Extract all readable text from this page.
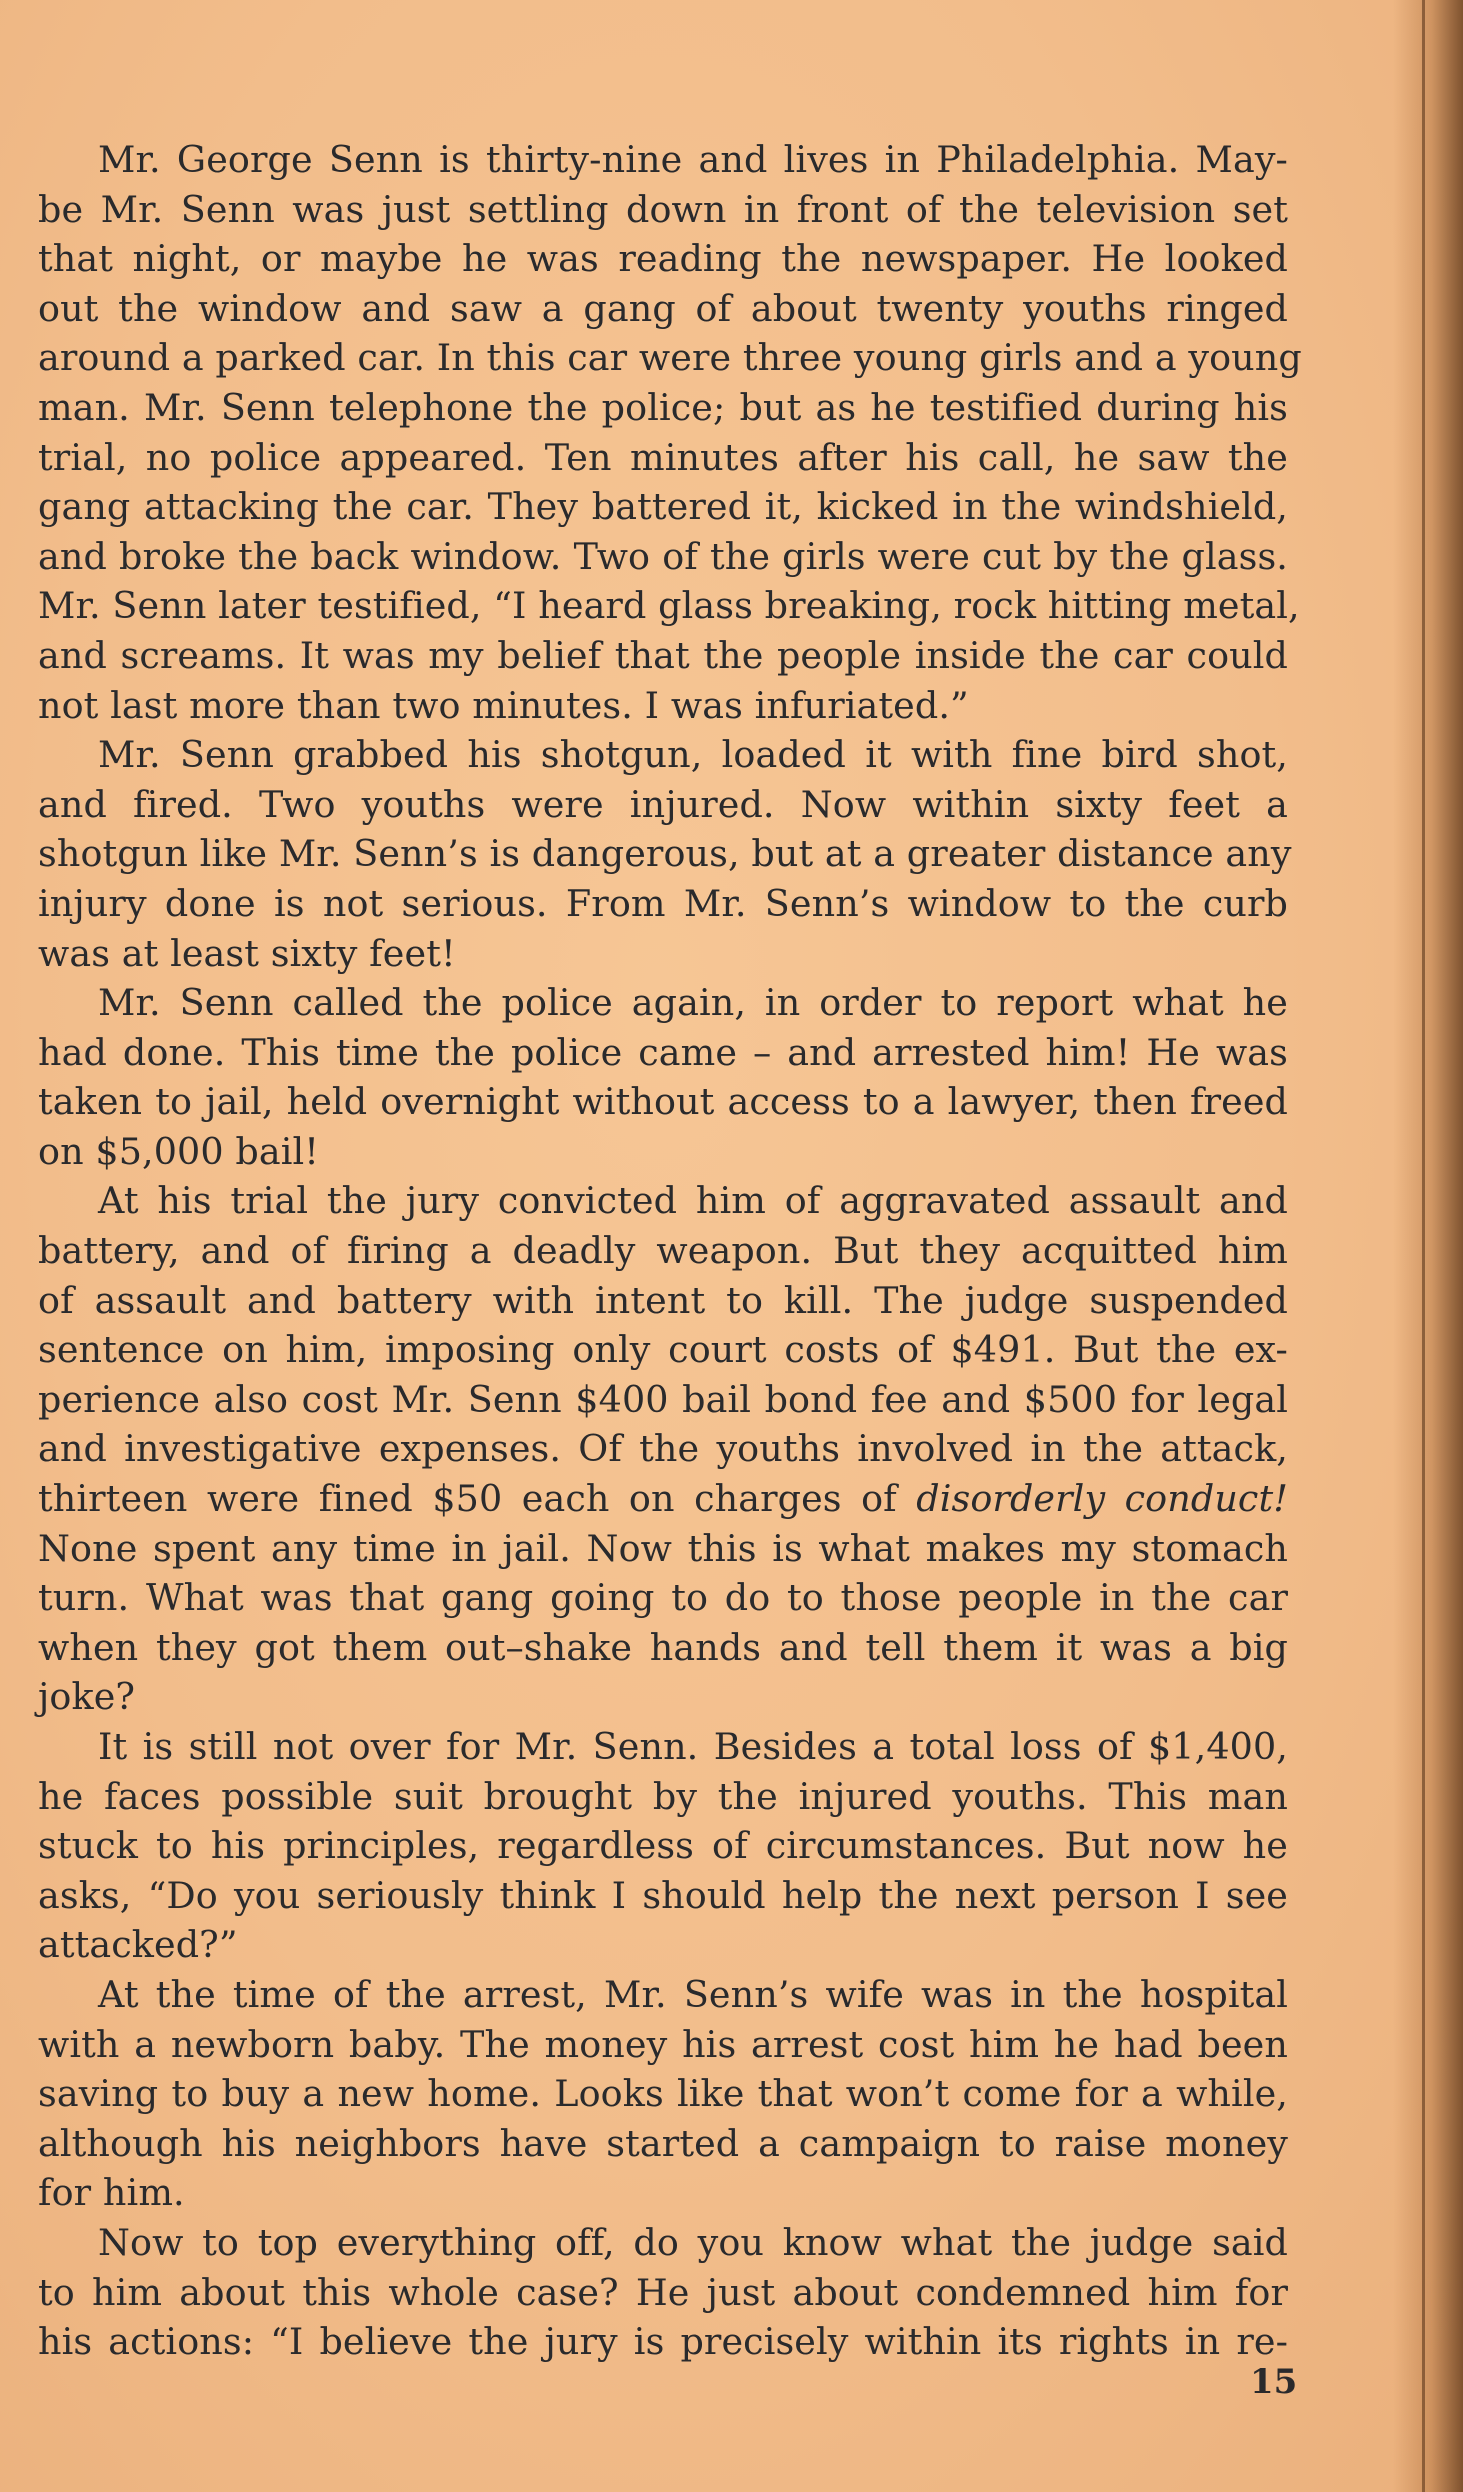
Mr. George Senn is thirty-nine and lives in Philadelphia. May-
be Mr. Senn was just settling down in front of the television set
that night, or maybe he was reading the newspaper. He looked
out the window and saw a gang of about twenty youths ringed
around a parked car. In this car were three young girls and a young
man. Mr. Senn telephone the police; but as he testified during his
trial, no police appeared. Ten minutes after his call, he saw the
gang attacking the car. They battered it, kicked in the windshield,
and broke the back window. Two of the girls were cut by the glass.
Mr. Senn later testified, “I heard glass breaking, rock hitting metal,
and screams. It was my belief that the people inside the car could
not last more than two minutes. I was infuriated.”
Mr. Senn grabbed his shotgun, loaded it with fine bird shot,
and fired. Two youths were injured. Now within sixty feet a
shotgun like Mr. Senn’s is dangerous, but at a greater distance any
injury done is not serious. From Mr. Senn’s window to the curb
was at least sixty feet!
Mr. Senn called the police again, in order to report what he
had done. This time the police came – and arrested him! He was
taken to jail, held overnight without access to a lawyer, then freed
on $5,000 bail!
At his trial the jury convicted him of aggravated assault and
battery, and of firing a deadly weapon. But they acquitted him
of assault and battery with intent to kill. The judge suspended
sentence on him, imposing only court costs of $491. But the ex-
perience also cost Mr. Senn $400 bail bond fee and $500 for legal
and investigative expenses. Of the youths involved in the attack,
thirteen were fined $50 each on charges of disorderly conduct!
None spent any time in jail. Now this is what makes my stomach
turn. What was that gang going to do to those people in the car
when they got them out–shake hands and tell them it was a big
joke?
It is still not over for Mr. Senn. Besides a total loss of $1,400,
he faces possible suit brought by the injured youths. This man
stuck to his principles, regardless of circumstances. But now he
asks, “Do you seriously think I should help the next person I see
attacked?”
At the time of the arrest, Mr. Senn’s wife was in the hospital
with a newborn baby. The money his arrest cost him he had been
saving to buy a new home. Looks like that won’t come for a while,
although his neighbors have started a campaign to raise money
for him.
Now to top everything off, do you know what the judge said
to him about this whole case? He just about condemned him for
his actions: “I believe the jury is precisely within its rights in re-
15
